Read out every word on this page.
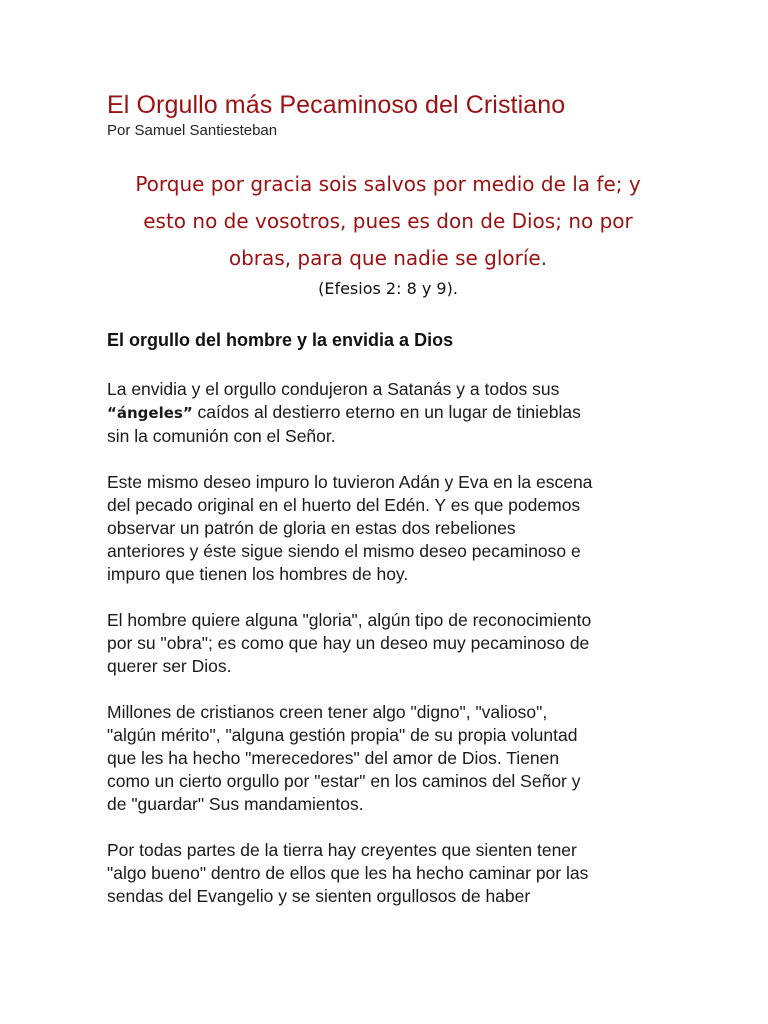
El Orgullo más Pecaminoso del Cristiano

Por Samuel Santiesteban

Porque por gracia sois salvos por medio de la fe; y
esto no de vosotros, pues es don de Dios; no por
obras, para que nadie se gloríe.
(Efesios 2: 8 y 9).
El orgullo del hombre y la envidia a Dios
La envidia y el orgullo condujeron a Satanás y a todos sus
“ángeles” caídos al destierro eterno en un lugar de tinieblas
sin la comunión con el Señor.
Este mismo deseo impuro lo tuvieron Adán y Eva en la escena
del pecado original en el huerto del Edén. Y es que podemos
observar un patrón de gloria en estas dos rebeliones
anteriores y éste sigue siendo el mismo deseo pecaminoso e
impuro que tienen los hombres de hoy.
El hombre quiere alguna "gloria", algún tipo de reconocimiento
por su "obra"; es como que hay un deseo muy pecaminoso de
querer ser Dios.
Millones de cristianos creen tener algo "digno", "valioso",
"algún mérito", "alguna gestión propia" de su propia voluntad
que les ha hecho "merecedores" del amor de Dios. Tienen
como un cierto orgullo por "estar" en los caminos del Señor y
de "guardar" Sus mandamientos.
Por todas partes de la tierra hay creyentes que sienten tener
"algo bueno" dentro de ellos que les ha hecho caminar por las
sendas del Evangelio y se sienten orgullosos de haber
